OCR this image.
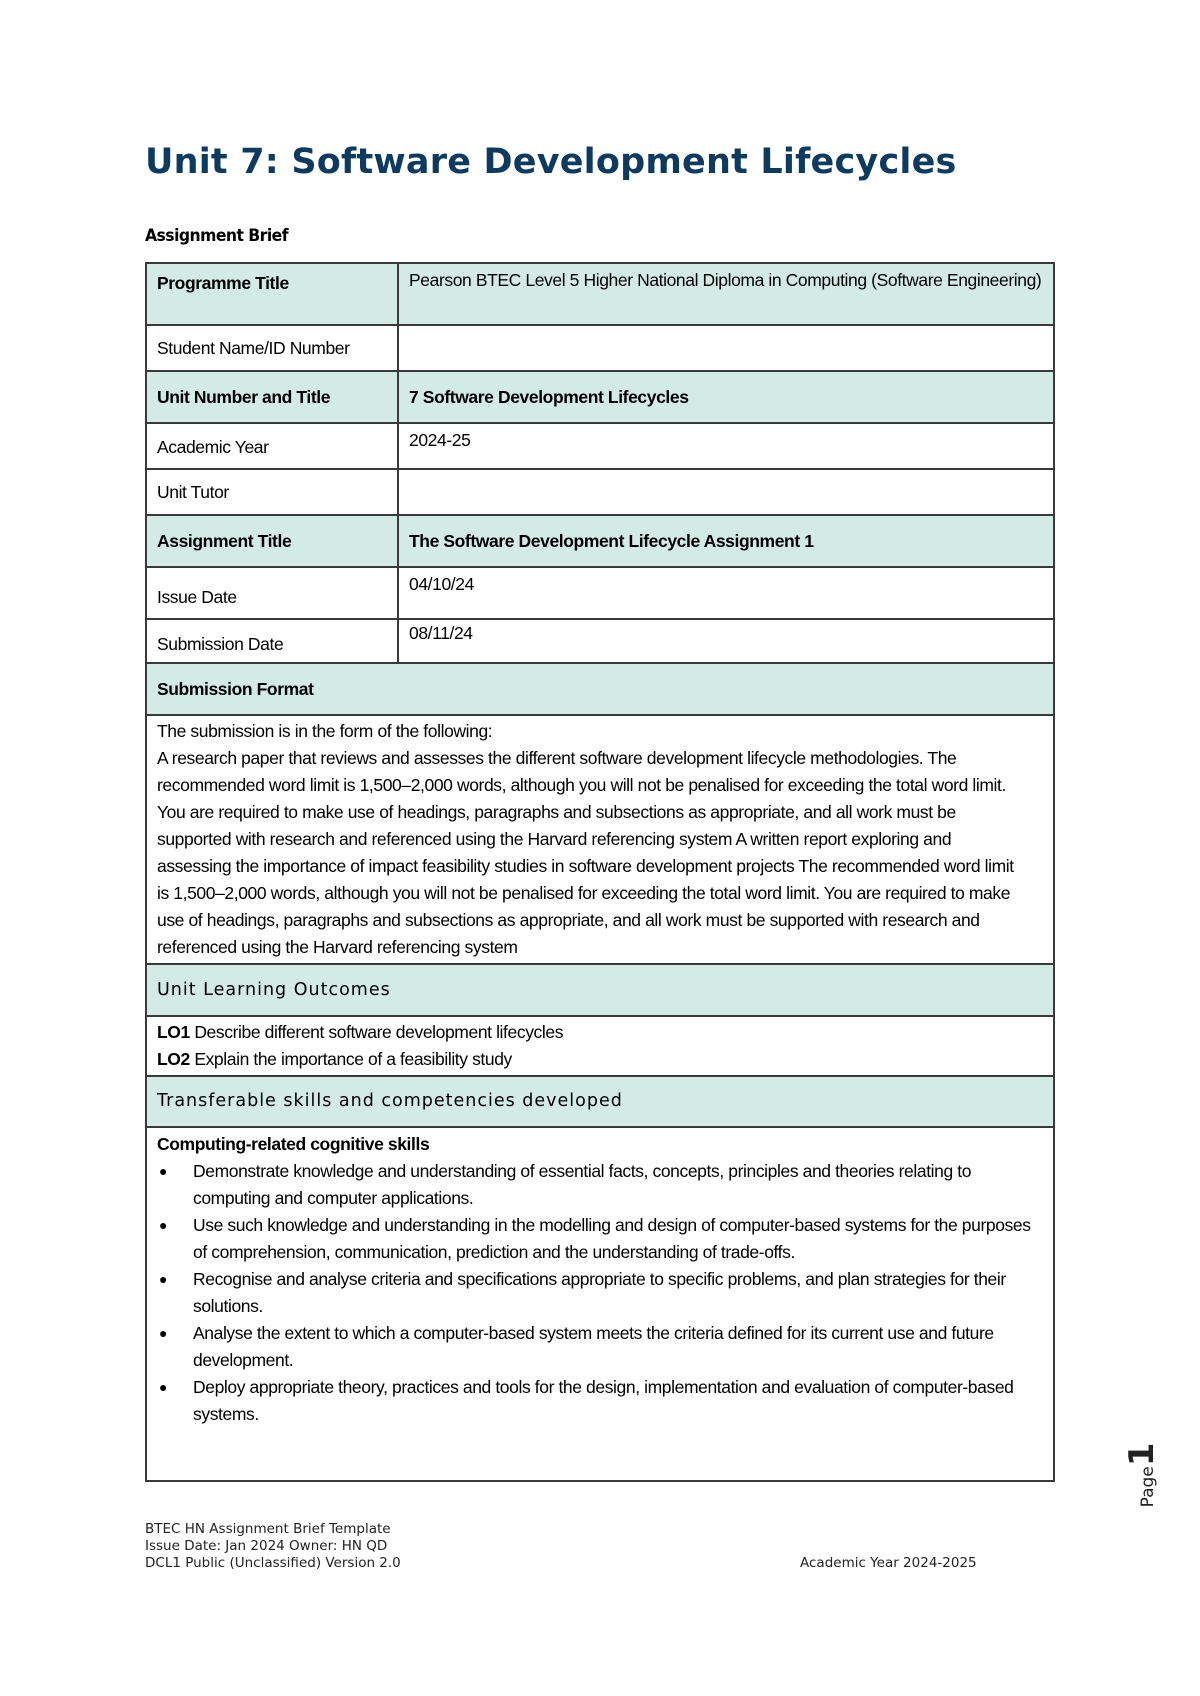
Unit 7: Software Development Lifecycles
Assignment Brief
Programme Title	Pearson BTEC Level 5 Higher National Diploma in Computing (Software Engineering)
Student Name/ID Number	
Unit Number and Title	7 Software Development Lifecycles
Academic Year	2024-25
Unit Tutor	
Assignment Title	The Software Development Lifecycle Assignment 1
Issue Date	04/10/24
Submission Date	08/11/24
Submission Format	

The submission is in the form of the following:
A research paper that reviews and assesses the different software development lifecycle methodologies. The recommended word limit is 1,500–2,000 words, although you will not be penalised for exceeding the total word limit. You are required to make use of headings, paragraphs and subsections as appropriate, and all work must be supported with research and referenced using the Harvard referencing system A written report exploring and assessing the importance of impact feasibility studies in software development projects The recommended word limit is 1,500–2,000 words, although you will not be penalised for exceeding the total word limit. You are required to make use of headings, paragraphs and subsections as appropriate, and all work must be supported with research and referenced using the Harvard referencing system	

Unit Learning Outcomes	

LO1 Describe different software development lifecycles
LO2 Explain the importance of a feasibility study	

Transferable skills and competencies developed	

Computing-related cognitive skills
● Demonstrate knowledge and understanding of essential facts, concepts, principles and theories relating to computing and computer applications.
● Use such knowledge and understanding in the modelling and design of computer-based systems for the purposes of comprehension, communication, prediction and the understanding of trade-offs.
● Recognise and analyse criteria and specifications appropriate to specific problems, and plan strategies for their solutions.
● Analyse the extent to which a computer-based system meets the criteria defined for its current use and future development.
● Deploy appropriate theory, practices and tools for the design, implementation and evaluation of computer-based systems.
BTEC HN Assignment Brief Template
Issue Date: Jan 2024 Owner: HN QD
DCL1 Public (Unclassified) Version 2.0	Academic Year 2024-2025
Page1
